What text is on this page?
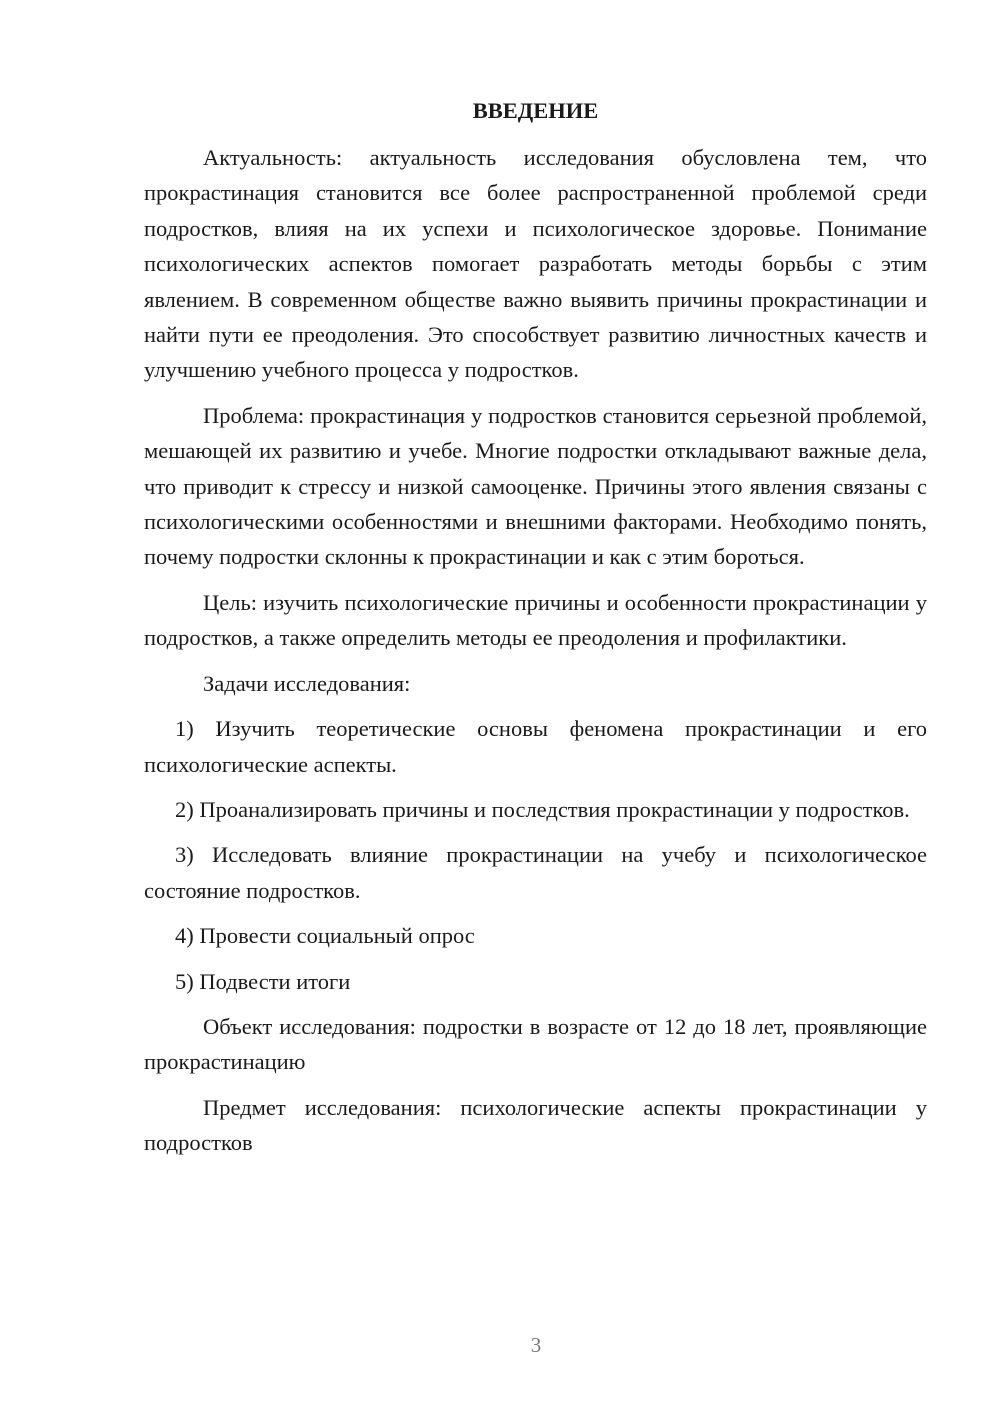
ВВЕДЕНИЕ

Актуальность: актуальность исследования обусловлена тем, что прокрастинация становится все более распространенной проблемой среди подростков, влияя на их успехи и психологическое здоровье. Понимание психологических аспектов помогает разработать методы борьбы с этим явлением. В современном обществе важно выявить причины прокрастинации и найти пути ее преодоления. Это способствует развитию личностных качеств и улучшению учебного процесса у подростков.

Проблема: прокрастинация у подростков становится серьезной проблемой, мешающей их развитию и учебе. Многие подростки откладывают важные дела, что приводит к стрессу и низкой самооценке. Причины этого явления связаны с психологическими особенностями и внешними факторами. Необходимо понять, почему подростки склонны к прокрастинации и как с этим бороться.

Цель: изучить психологические причины и особенности прокрастинации у подростков, а также определить методы ее преодоления и профилактики.

Задачи исследования:

1) Изучить теоретические основы феномена прокрастинации и его психологические аспекты.

2) Проанализировать причины и последствия прокрастинации у подростков.

3) Исследовать влияние прокрастинации на учебу и психологическое состояние подростков.

4) Провести социальный опрос

5) Подвести итоги

Объект исследования: подростки в возрасте от 12 до 18 лет, проявляющие прокрастинацию

Предмет исследования: психологические аспекты прокрастинации у подростков

3
